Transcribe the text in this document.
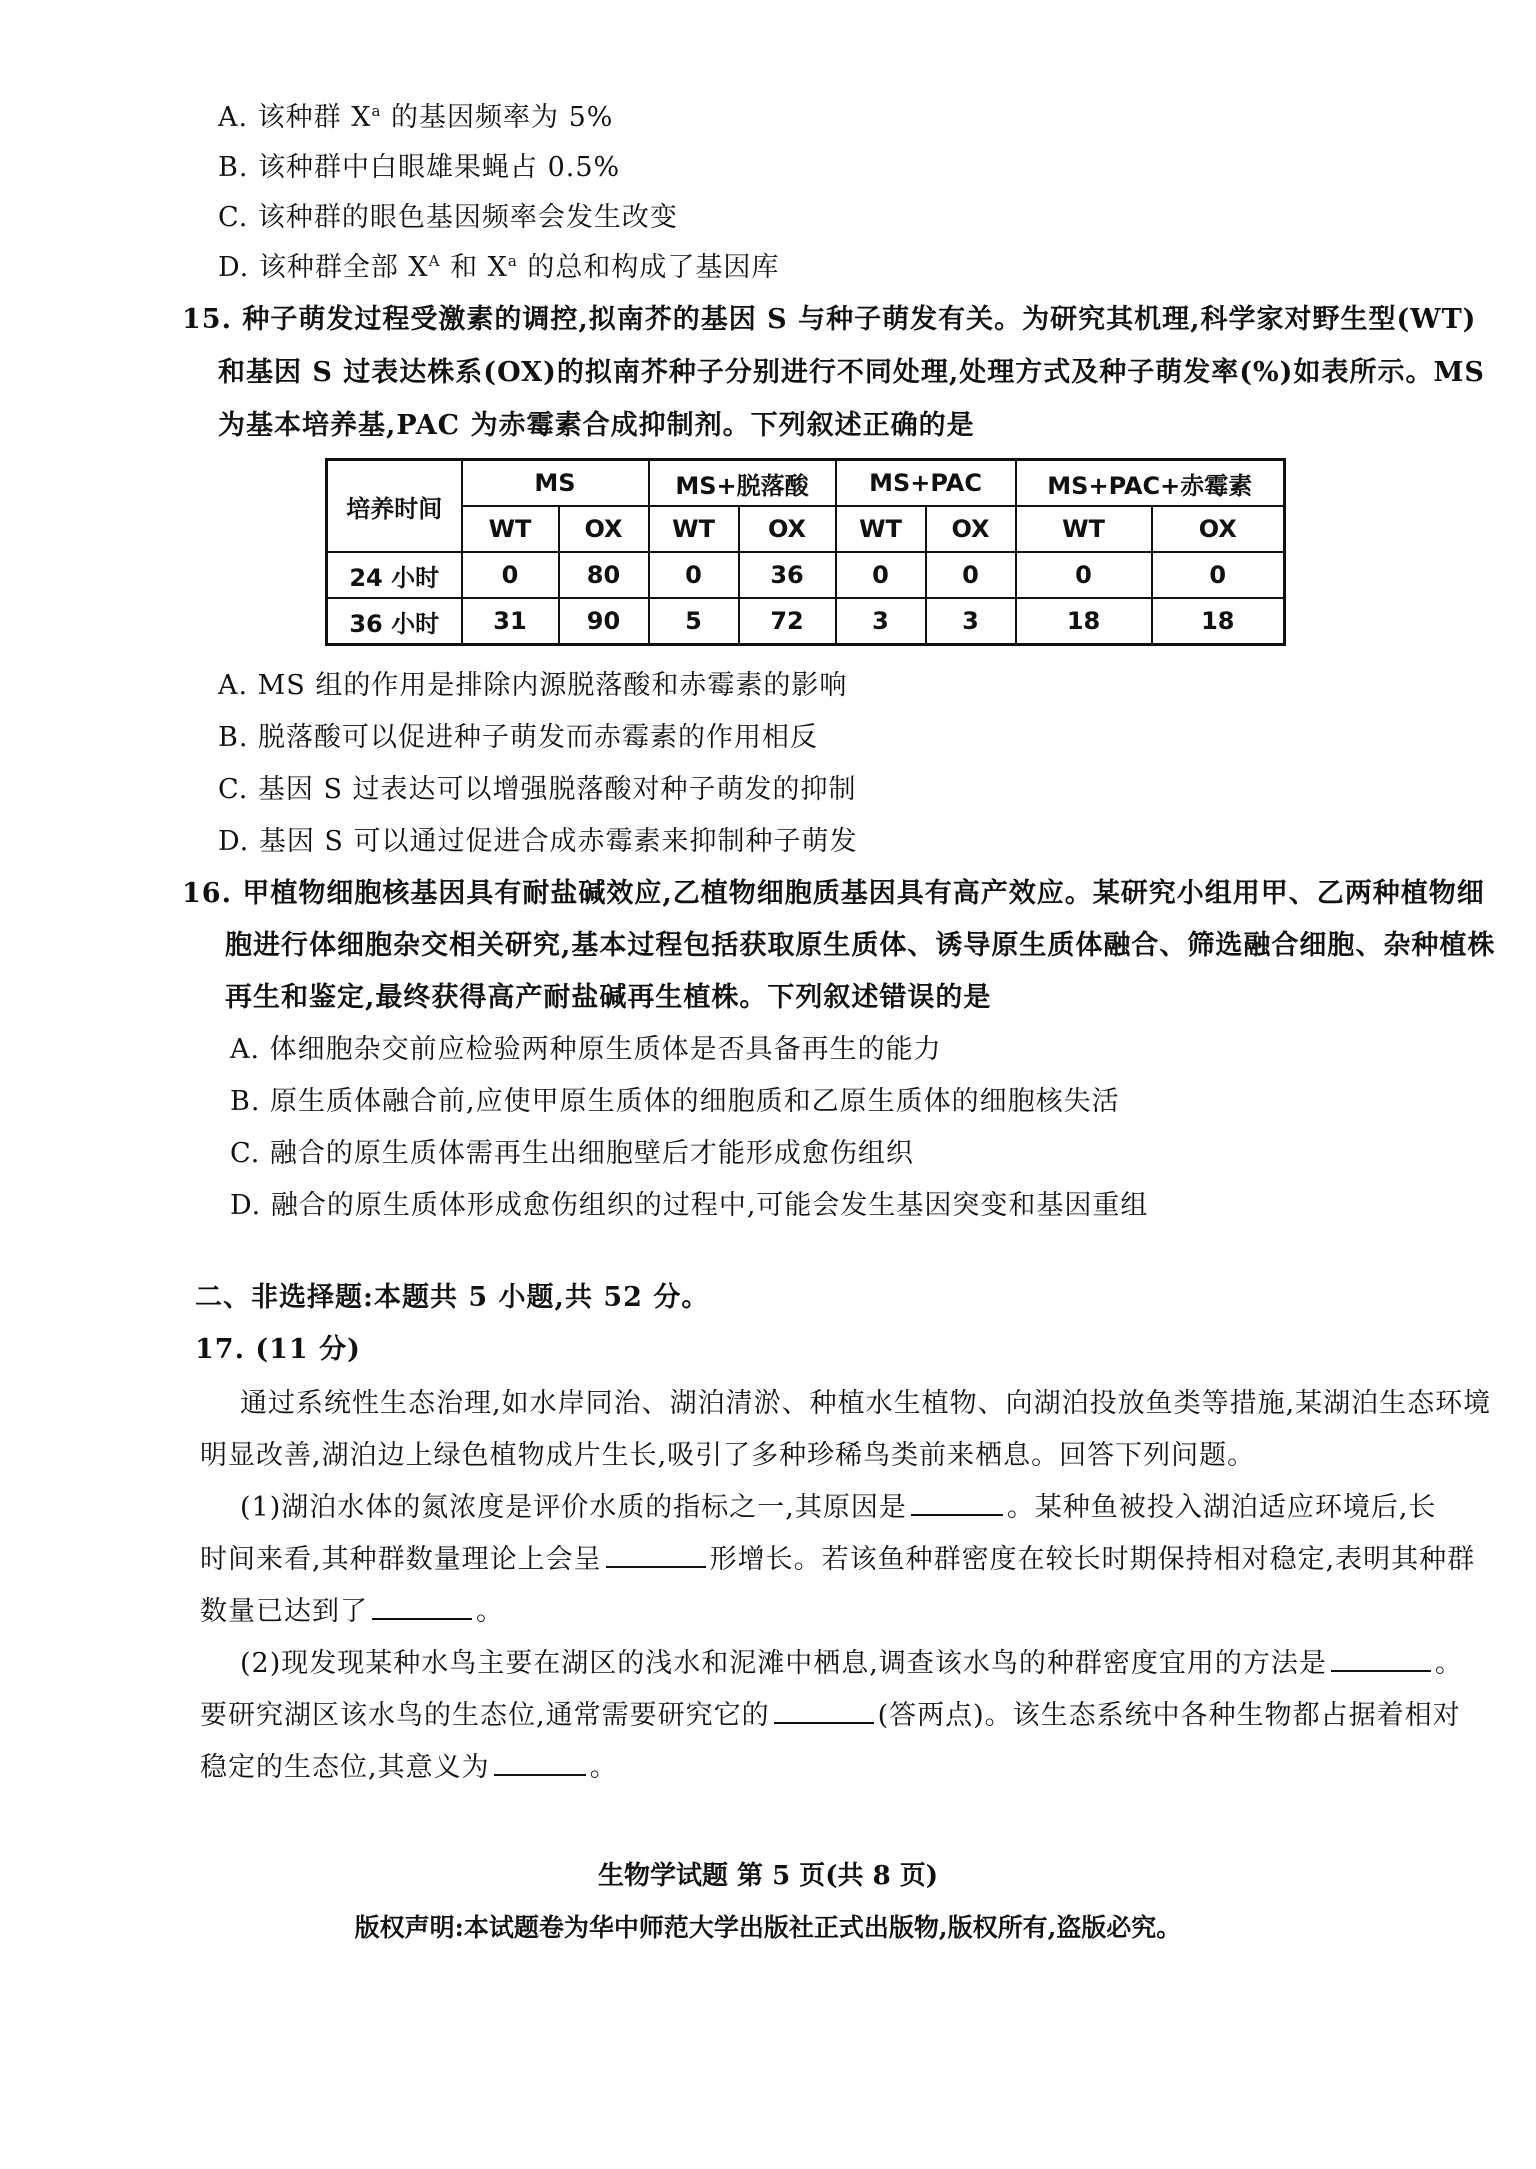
A. 该种群 $X^a$ 的基因频率为 5%
B. 该种群中白眼雄果蝇占 0.5%
C. 该种群的眼色基因频率会发生改变
D. 该种群全部 $X^A$ 和 $X^a$ 的总和构成了基因库
15. 种子萌发过程受激素的调控,拟南芥的基因 S 与种子萌发有关。为研究其机理,科学家对野生型(WT)
和基因 S 过表达株系(OX)的拟南芥种子分别进行不同处理,处理方式及种子萌发率(%)如表所示。MS
为基本培养基,PAC 为赤霉素合成抑制剂。下列叙述正确的是
培养时间	MS		MS+脱落酸		MS+PAC		MS+PAC+赤霉素	
	WT	OX	WT	OX	WT	OX	WT	OX
24 小时	0	80	0	36	0	0	0	0
36 小时	31	90	5	72	3	3	18	18
A. MS 组的作用是排除内源脱落酸和赤霉素的影响
B. 脱落酸可以促进种子萌发而赤霉素的作用相反
C. 基因 S 过表达可以增强脱落酸对种子萌发的抑制
D. 基因 S 可以通过促进合成赤霉素来抑制种子萌发
16. 甲植物细胞核基因具有耐盐碱效应,乙植物细胞质基因具有高产效应。某研究小组用甲、乙两种植物细
胞进行体细胞杂交相关研究,基本过程包括获取原生质体、诱导原生质体融合、筛选融合细胞、杂种植株
再生和鉴定,最终获得高产耐盐碱再生植株。下列叙述错误的是
A. 体细胞杂交前应检验两种原生质体是否具备再生的能力
B. 原生质体融合前,应使甲原生质体的细胞质和乙原生质体的细胞核失活
C. 融合的原生质体需再生出细胞壁后才能形成愈伤组织
D. 融合的原生质体形成愈伤组织的过程中,可能会发生基因突变和基因重组
二、非选择题:本题共 5 小题,共 52 分。
17. (11 分)
通过系统性生态治理,如水岸同治、湖泊清淤、种植水生植物、向湖泊投放鱼类等措施,某湖泊生态环境
明显改善,湖泊边上绿色植物成片生长,吸引了多种珍稀鸟类前来栖息。回答下列问题。
(1)湖泊水体的氮浓度是评价水质的指标之一,其原因是	。某种鱼被投入湖泊适应环境后,长
时间来看,其种群数量理论上会呈	形增长。若该鱼种群密度在较长时期保持相对稳定,表明其种群
数量已达到了	。
(2)现发现某种水鸟主要在湖区的浅水和泥滩中栖息,调查该水鸟的种群密度宜用的方法是	。
要研究湖区该水鸟的生态位,通常需要研究它的	(答两点)。该生态系统中各种生物都占据着相对
稳定的生态位,其意义为	。
生物学试题 第 5 页(共 8 页)
版权声明:本试题卷为华中师范大学出版社正式出版物,版权所有,盗版必究。
